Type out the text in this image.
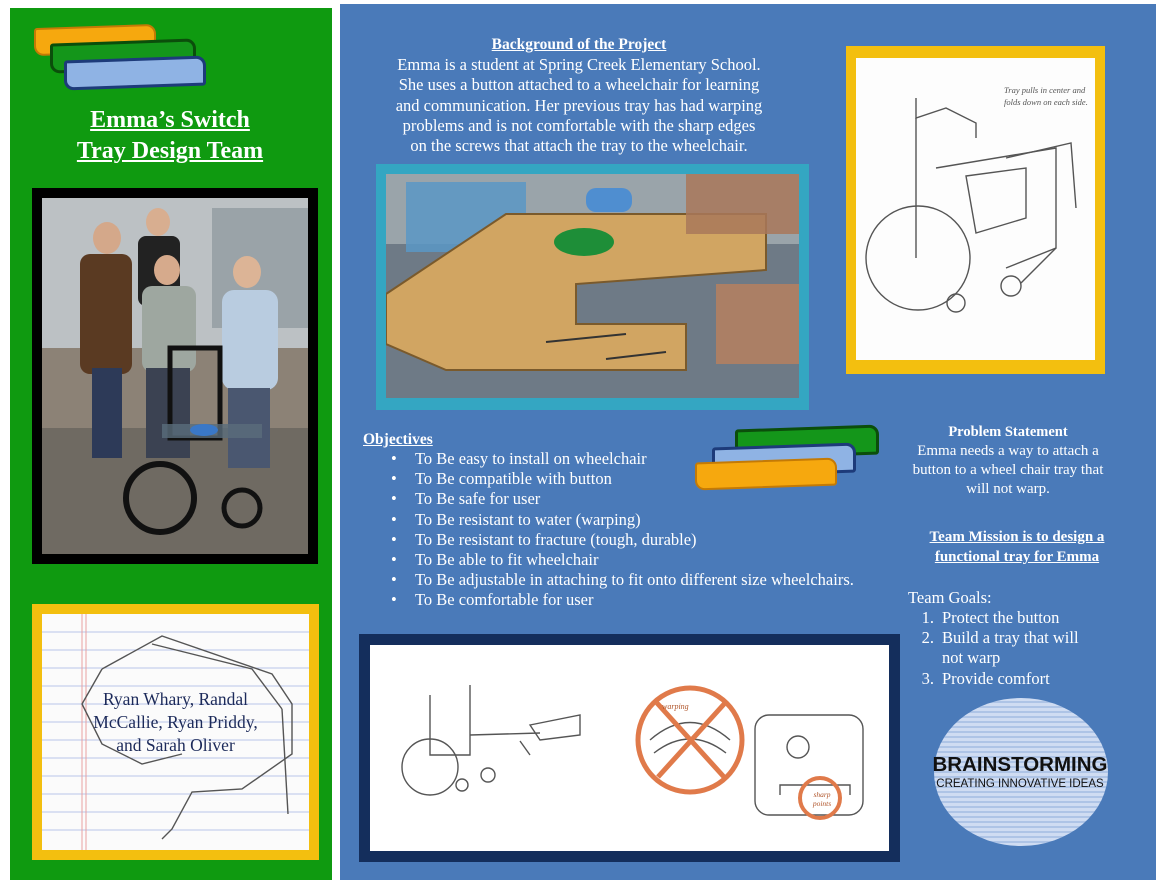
Emma’s Switch
Tray Design Team
Ryan Whary, Randal
McCallie, Ryan Priddy,
and Sarah Oliver
Background of the Project
Emma is a student at Spring Creek Elementary School.
She uses a button attached to a wheelchair for learning
and communication. Her previous tray has had warping
problems and is not comfortable with the sharp edges
on the screws that attach the tray to the wheelchair.
Tray pulls in center and
folds down on each side.
Objectives
• To Be easy to install on wheelchair
• To Be compatible with button
• To Be safe for user
• To Be resistant to water (warping)
• To Be resistant to fracture (tough, durable)
• To Be able to fit wheelchair
• To Be adjustable in attaching to fit onto different size wheelchairs.
• To Be comfortable for user
Problem Statement
Emma needs a way to attach a
button to a wheel chair tray that
will not warp.
Team Mission is to design a
functional tray for Emma
Team Goals:
1. Protect the button
2. Build a tray that will not warp
3. Provide comfort
BRAINSTORMING
CREATING INNOVATIVE IDEAS
warping
sharp points
